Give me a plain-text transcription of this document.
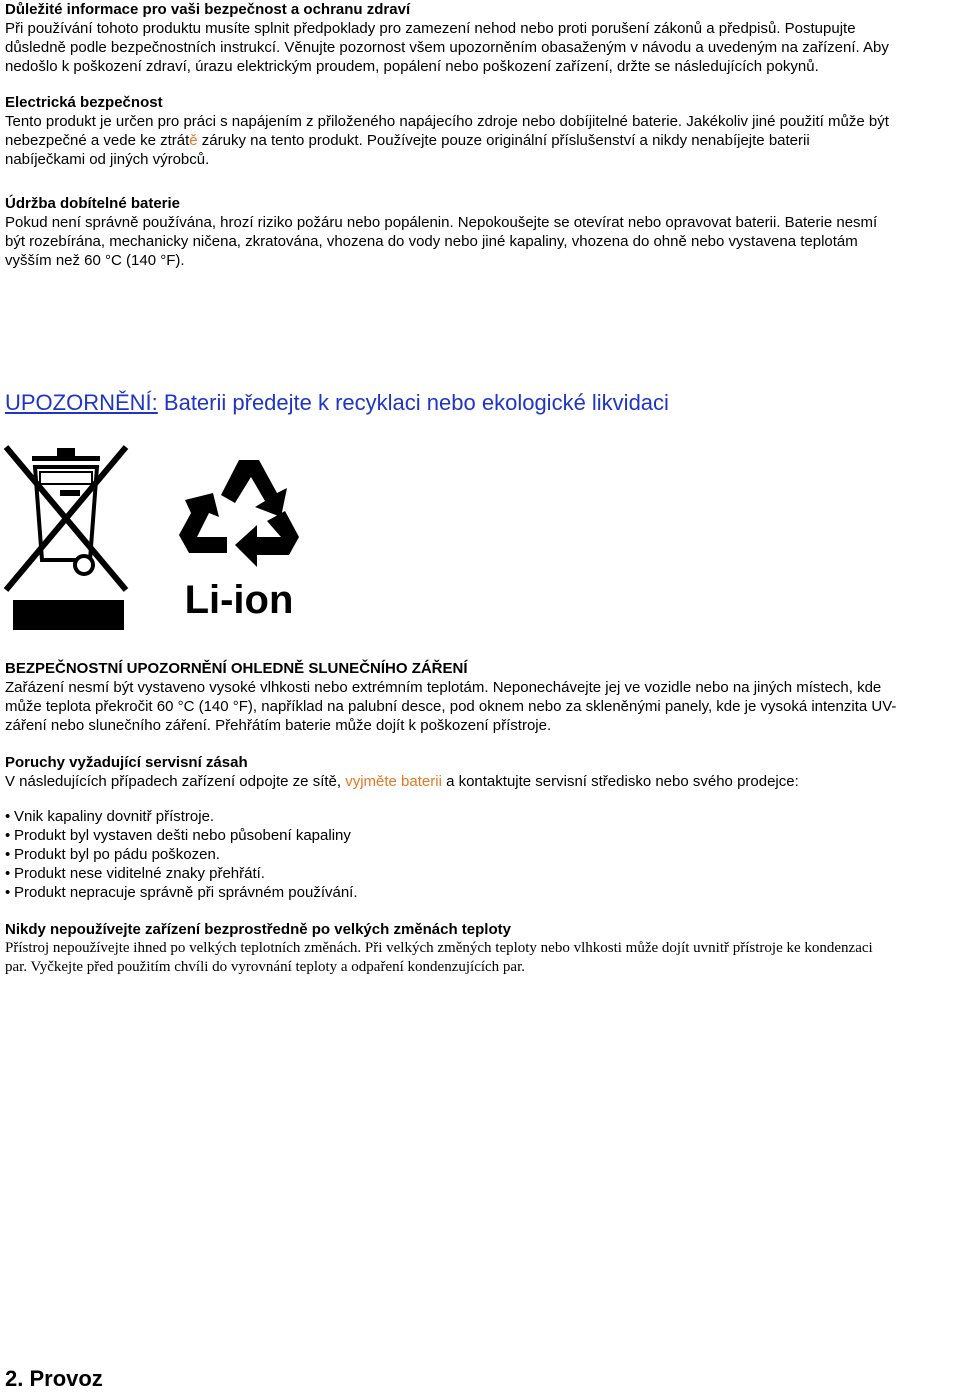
Důležité informace pro vaši bezpečnost a ochranu zdraví

Při používání tohoto produktu musíte splnit předpoklady pro zamezení nehod nebo proti porušení zákonů a předpisů. Postupujte

důsledně podle bezpečnostních instrukcí. Věnujte pozornost všem upozorněním obasaženým v návodu a uvedeným na zařízení. Aby

nedošlo k poškození zdraví, úrazu elektrickým proudem, popálení nebo poškození zařízení, držte se následujících pokynů.

Electrická bezpečnost

Tento produkt je určen pro práci s napájením z přiloženého napájecího zdroje nebo dobíjitelné baterie. Jakékoliv jiné použití může být

nebezpečné a vede ke ztrátě záruky na tento produkt. Používejte pouze originální příslušenství a nikdy nenabíjejte baterii

nabíječkami od jiných výrobců.

Údržba dobítelné baterie

Pokud není správně používána, hrozí riziko požáru nebo popálenin. Nepokoušejte se otevírat nebo opravovat baterii. Baterie nesmí

být rozebírána, mechanicky ničena, zkratována, vhozena do vody nebo jiné kapaliny, vhozena do ohně nebo vystavena teplotám

vyšším než 60 °C (140 °F).

UPOZORNĚNÍ: Baterii předejte k recyklaci nebo ekologické likvidaci
Li-ion

BEZPEČNOSTNÍ UPOZORNĚNÍ OHLEDNĚ SLUNEČNÍHO ZÁŘENÍ

Zařázení nesmí být vystaveno vysoké vlhkosti nebo extrémním teplotám. Neponechávejte jej ve vozidle nebo na jiných místech, kde

může teplota překročit 60 °C (140 °F), například na palubní desce, pod oknem nebo za skleněnými panely, kde je vysoká intenzita UV-

záření nebo slunečního záření. Přehřátím baterie může dojít k poškození přístroje.

Poruchy vyžadující servisní zásah

V následujících případech zařízení odpojte ze sítě, vyjměte baterii a kontaktujte servisní středisko nebo svého prodejce:

• Vnik kapaliny dovnitř přístroje.
• Produkt byl vystaven dešti nebo působení kapaliny
• Produkt byl po pádu poškozen.
• Produkt nese viditelné znaky přehřátí.
• Produkt nepracuje správně při správném používání.

Nikdy nepoužívejte zařízení bezprostředně po velkých změnách teploty

Přístroj nepoužívejte ihned po velkých teplotních změnách. Při velkých změných teploty nebo vlhkosti může dojít uvnitř přístroje ke kondenzaci

par. Vyčkejte před použitím chvíli do vyrovnání teploty a odpaření kondenzujících par.

2. Provoz
